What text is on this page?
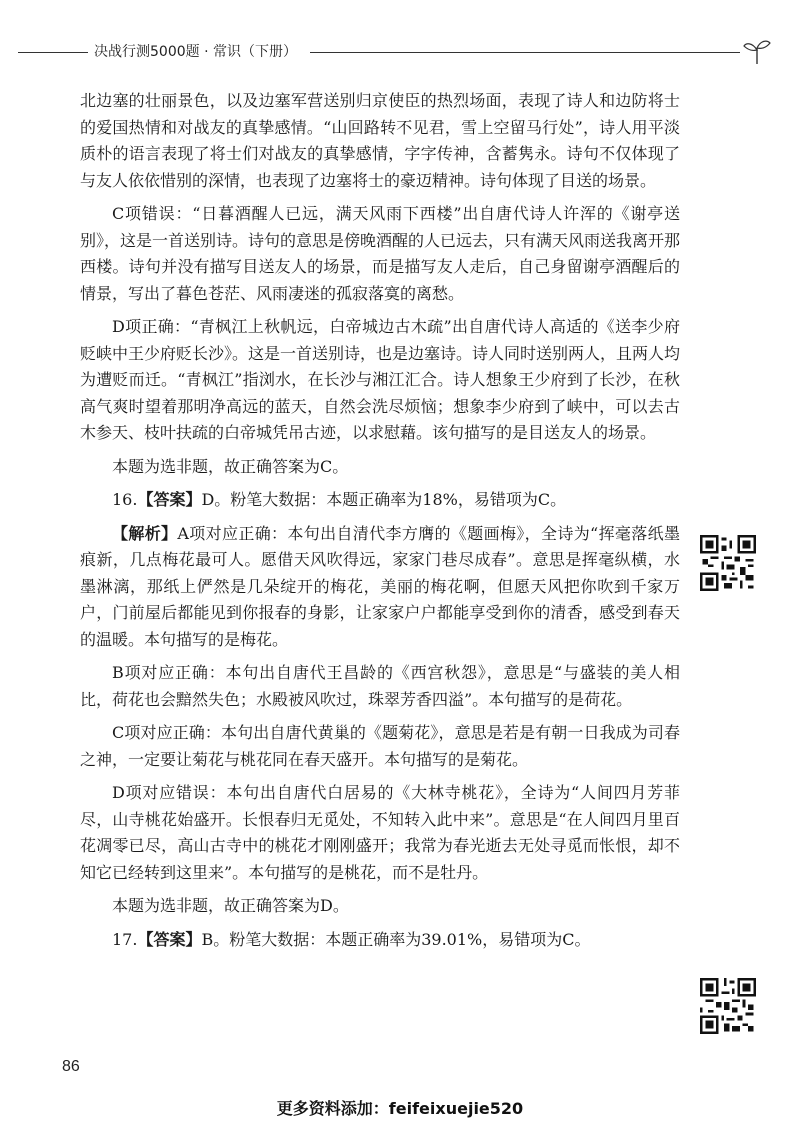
决战行测5000题 · 常识（下册）

北边塞的壮丽景色，以及边塞军营送别归京使臣的热烈场面，表现了诗人和边防将士的爱国热情和对战友的真挚感情。“山回路转不见君，雪上空留马行处”，诗人用平淡质朴的语言表现了将士们对战友的真挚感情，字字传神，含蓄隽永。诗句不仅体现了与友人依依惜别的深情，也表现了边塞将士的豪迈精神。诗句体现了目送的场景。

C项错误：“日暮酒醒人已远，满天风雨下西楼”出自唐代诗人许浑的《谢亭送别》，这是一首送别诗。诗句的意思是傍晚酒醒的人已远去，只有满天风雨送我离开那西楼。诗句并没有描写目送友人的场景，而是描写友人走后，自己身留谢亭酒醒后的情景，写出了暮色苍茫、风雨凄迷的孤寂落寞的离愁。

D项正确：“青枫江上秋帆远，白帝城边古木疏”出自唐代诗人高适的《送李少府贬峡中王少府贬长沙》。这是一首送别诗，也是边塞诗。诗人同时送别两人，且两人均为遭贬而迁。“青枫江”指浏水，在长沙与湘江汇合。诗人想象王少府到了长沙，在秋高气爽时望着那明净高远的蓝天，自然会洗尽烦恼；想象李少府到了峡中，可以去古木参天、枝叶扶疏的白帝城凭吊古迹，以求慰藉。该句描写的是目送友人的场景。

本题为选非题，故正确答案为C。

16.【答案】D。粉笔大数据：本题正确率为18%，易错项为C。

【解析】A项对应正确：本句出自清代李方膺的《题画梅》，全诗为“挥毫落纸墨痕新，几点梅花最可人。愿借天风吹得远，家家门巷尽成春”。意思是挥毫纵横，水墨淋漓，那纸上俨然是几朵绽开的梅花，美丽的梅花啊，但愿天风把你吹到千家万户，门前屋后都能见到你报春的身影，让家家户户都能享受到你的清香，感受到春天的温暖。本句描写的是梅花。

B项对应正确：本句出自唐代王昌龄的《西宫秋怨》，意思是“与盛装的美人相比，荷花也会黯然失色；水殿被风吹过，珠翠芳香四溢”。本句描写的是荷花。

C项对应正确：本句出自唐代黄巢的《题菊花》，意思是若是有朝一日我成为司春之神，一定要让菊花与桃花同在春天盛开。本句描写的是菊花。

D项对应错误：本句出自唐代白居易的《大林寺桃花》，全诗为“人间四月芳菲尽，山寺桃花始盛开。长恨春归无觅处，不知转入此中来”。意思是“在人间四月里百花凋零已尽，高山古寺中的桃花才刚刚盛开；我常为春光逝去无处寻觅而怅恨，却不知它已经转到这里来”。本句描写的是桃花，而不是牡丹。

本题为选非题，故正确答案为D。

17.【答案】B。粉笔大数据：本题正确率为39.01%，易错项为C。

86
更多资料添加：feifeixuejie520
